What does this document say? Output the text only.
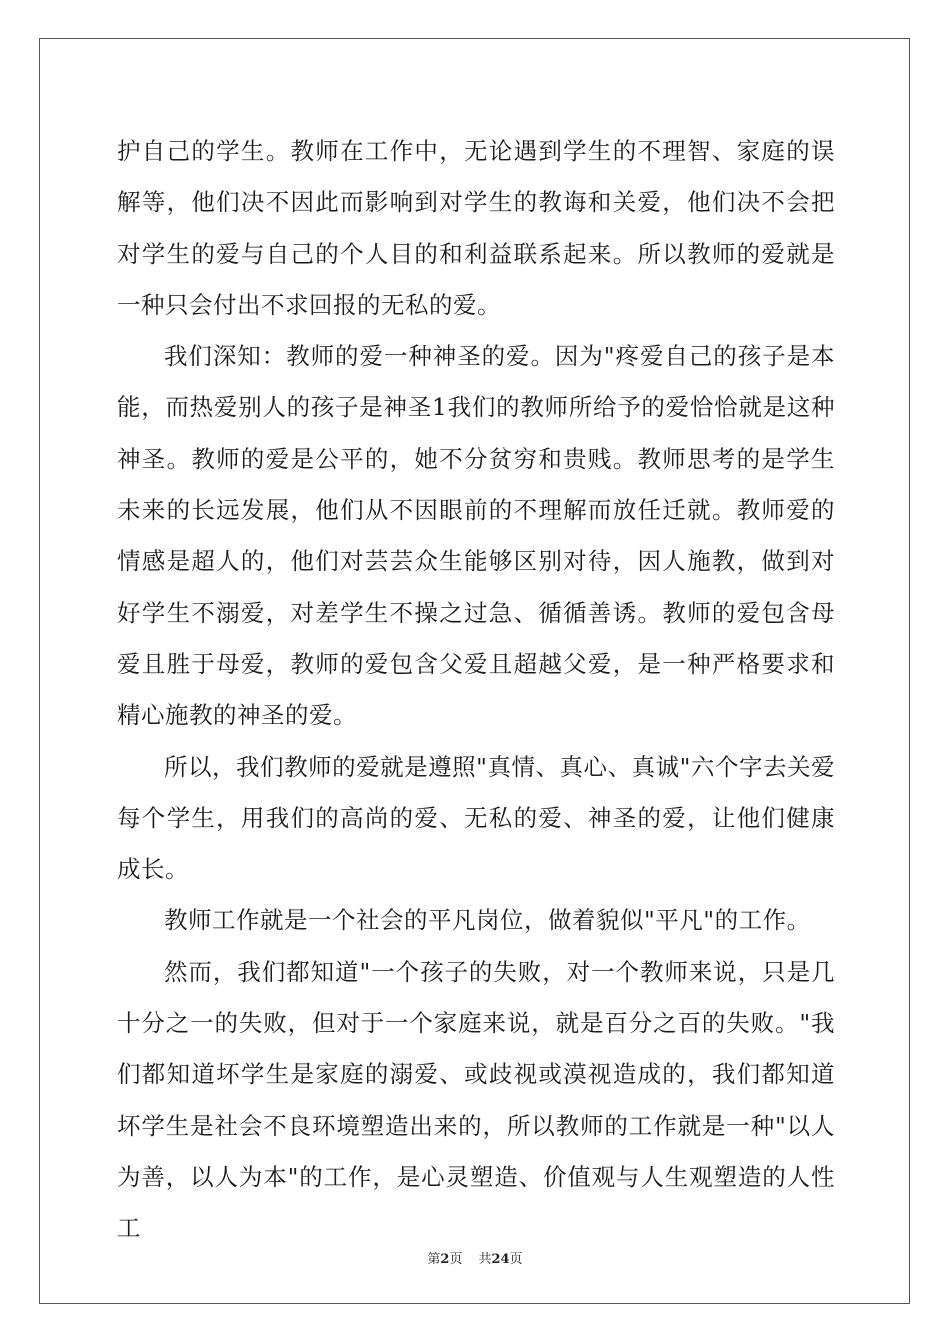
护自己的学生。教师在工作中，无论遇到学生的不理智、家庭的误解等，他们决不因此而影响到对学生的教诲和关爱，他们决不会把对学生的爱与自己的个人目的和利益联系起来。所以教师的爱就是一种只会付出不求回报的无私的爱。

我们深知：教师的爱一种神圣的爱。因为"疼爱自己的孩子是本能，而热爱别人的孩子是神圣1我们的教师所给予的爱恰恰就是这种神圣。教师的爱是公平的，她不分贫穷和贵贱。教师思考的是学生未来的长远发展，他们从不因眼前的不理解而放任迁就。教师爱的情感是超人的，他们对芸芸众生能够区别对待，因人施教，做到对好学生不溺爱，对差学生不操之过急、循循善诱。教师的爱包含母爱且胜于母爱，教师的爱包含父爱且超越父爱，是一种严格要求和精心施教的神圣的爱。

所以，我们教师的爱就是遵照"真情、真心、真诚"六个字去关爱每个学生，用我们的高尚的爱、无私的爱、神圣的爱，让他们健康成长。

教师工作就是一个社会的平凡岗位，做着貌似"平凡"的工作。

然而，我们都知道"一个孩子的失败，对一个教师来说，只是几十分之一的失败，但对于一个家庭来说，就是百分之百的失败。"我们都知道坏学生是家庭的溺爱、或歧视或漠视造成的，我们都知道坏学生是社会不良环境塑造出来的，所以教师的工作就是一种"以人为善，以人为本"的工作，是心灵塑造、价值观与人生观塑造的人性工

第2页 共24页
